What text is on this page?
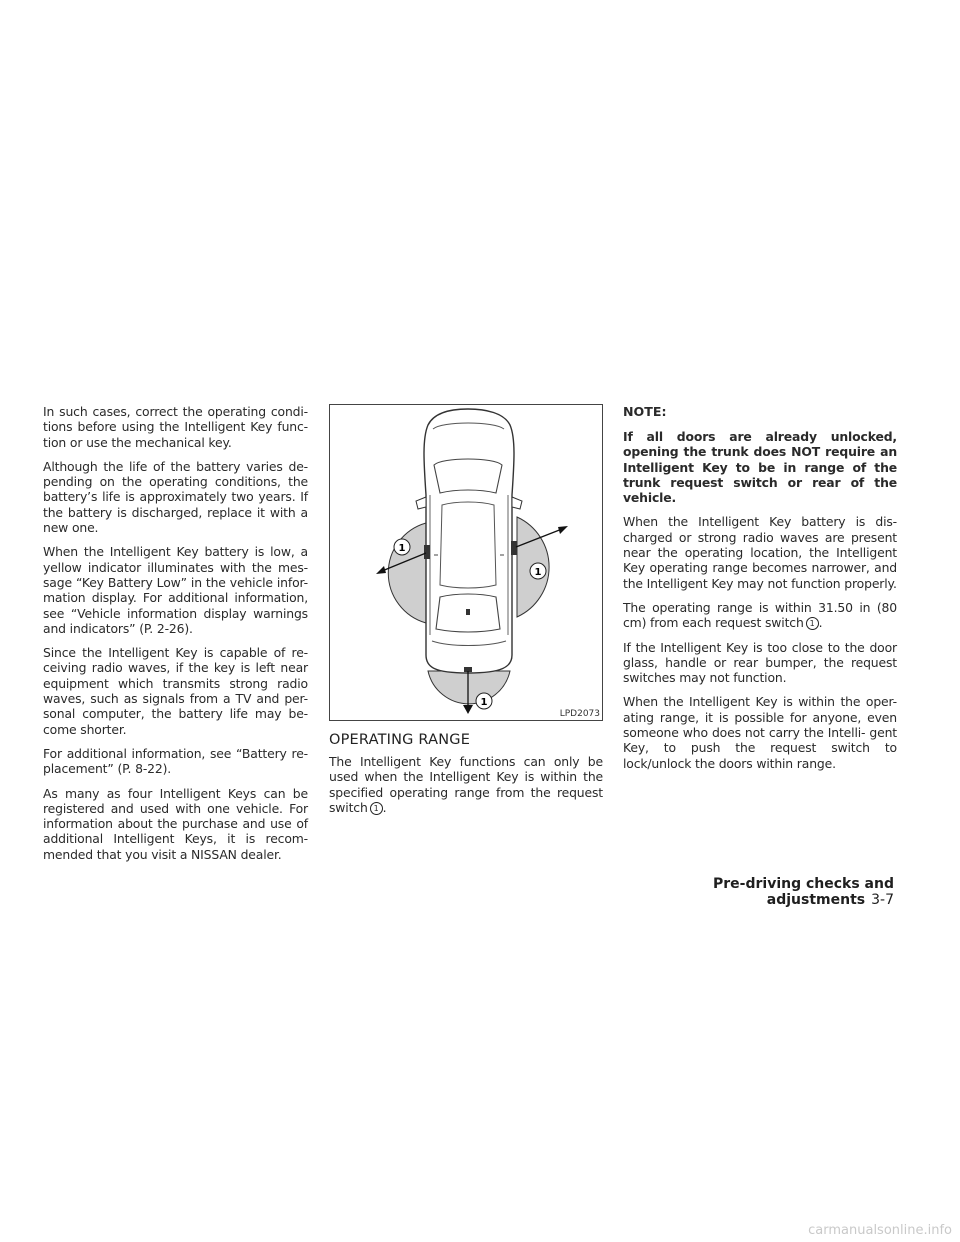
In such cases, correct the operating condi- tions before using the Intelligent Key func- tion or use the mechanical key.

Although the life of the battery varies de- pending on the operating conditions, the battery’s life is approximately two years. If the battery is discharged, replace it with a new one.

When the Intelligent Key battery is low, a yellow indicator illuminates with the mes- sage “Key Battery Low” in the vehicle infor- mation display. For additional information, see “Vehicle information display warnings and indicators” (P. 2-26).

Since the Intelligent Key is capable of re- ceiving radio waves, if the key is left near equipment which transmits strong radio waves, such as signals from a TV and per- sonal computer, the battery life may be- come shorter.

For additional information, see “Battery re- placement” (P. 8-22).

As many as four Intelligent Keys can be registered and used with one vehicle. For information about the purchase and use of additional Intelligent Keys, it is recom- mended that you visit a NISSAN dealer.

1
1
1
LPD2073
OPERATING RANGE

The Intelligent Key functions can only be used when the Intelligent Key is within the specified operating range from the request switch 1 .

NOTE:

If all doors are already unlocked, opening the trunk does NOT require an Intelligent Key to be in range of the trunk request switch or rear of the vehicle.

When the Intelligent Key battery is dis- charged or strong radio waves are present near the operating location, the Intelligent Key operating range becomes narrower, and the Intelligent Key may not function properly.

The operating range is within 31.50 in (80 cm) from each request switch 1 .

If the Intelligent Key is too close to the door glass, handle or rear bumper, the request switches may not function.

When the Intelligent Key is within the oper- ating range, it is possible for anyone, even someone who does not carry the Intelli- gent Key, to push the request switch to lock/unlock the doors within range.

Pre-driving checks and adjustments 3-7
carmanualsonline.info
